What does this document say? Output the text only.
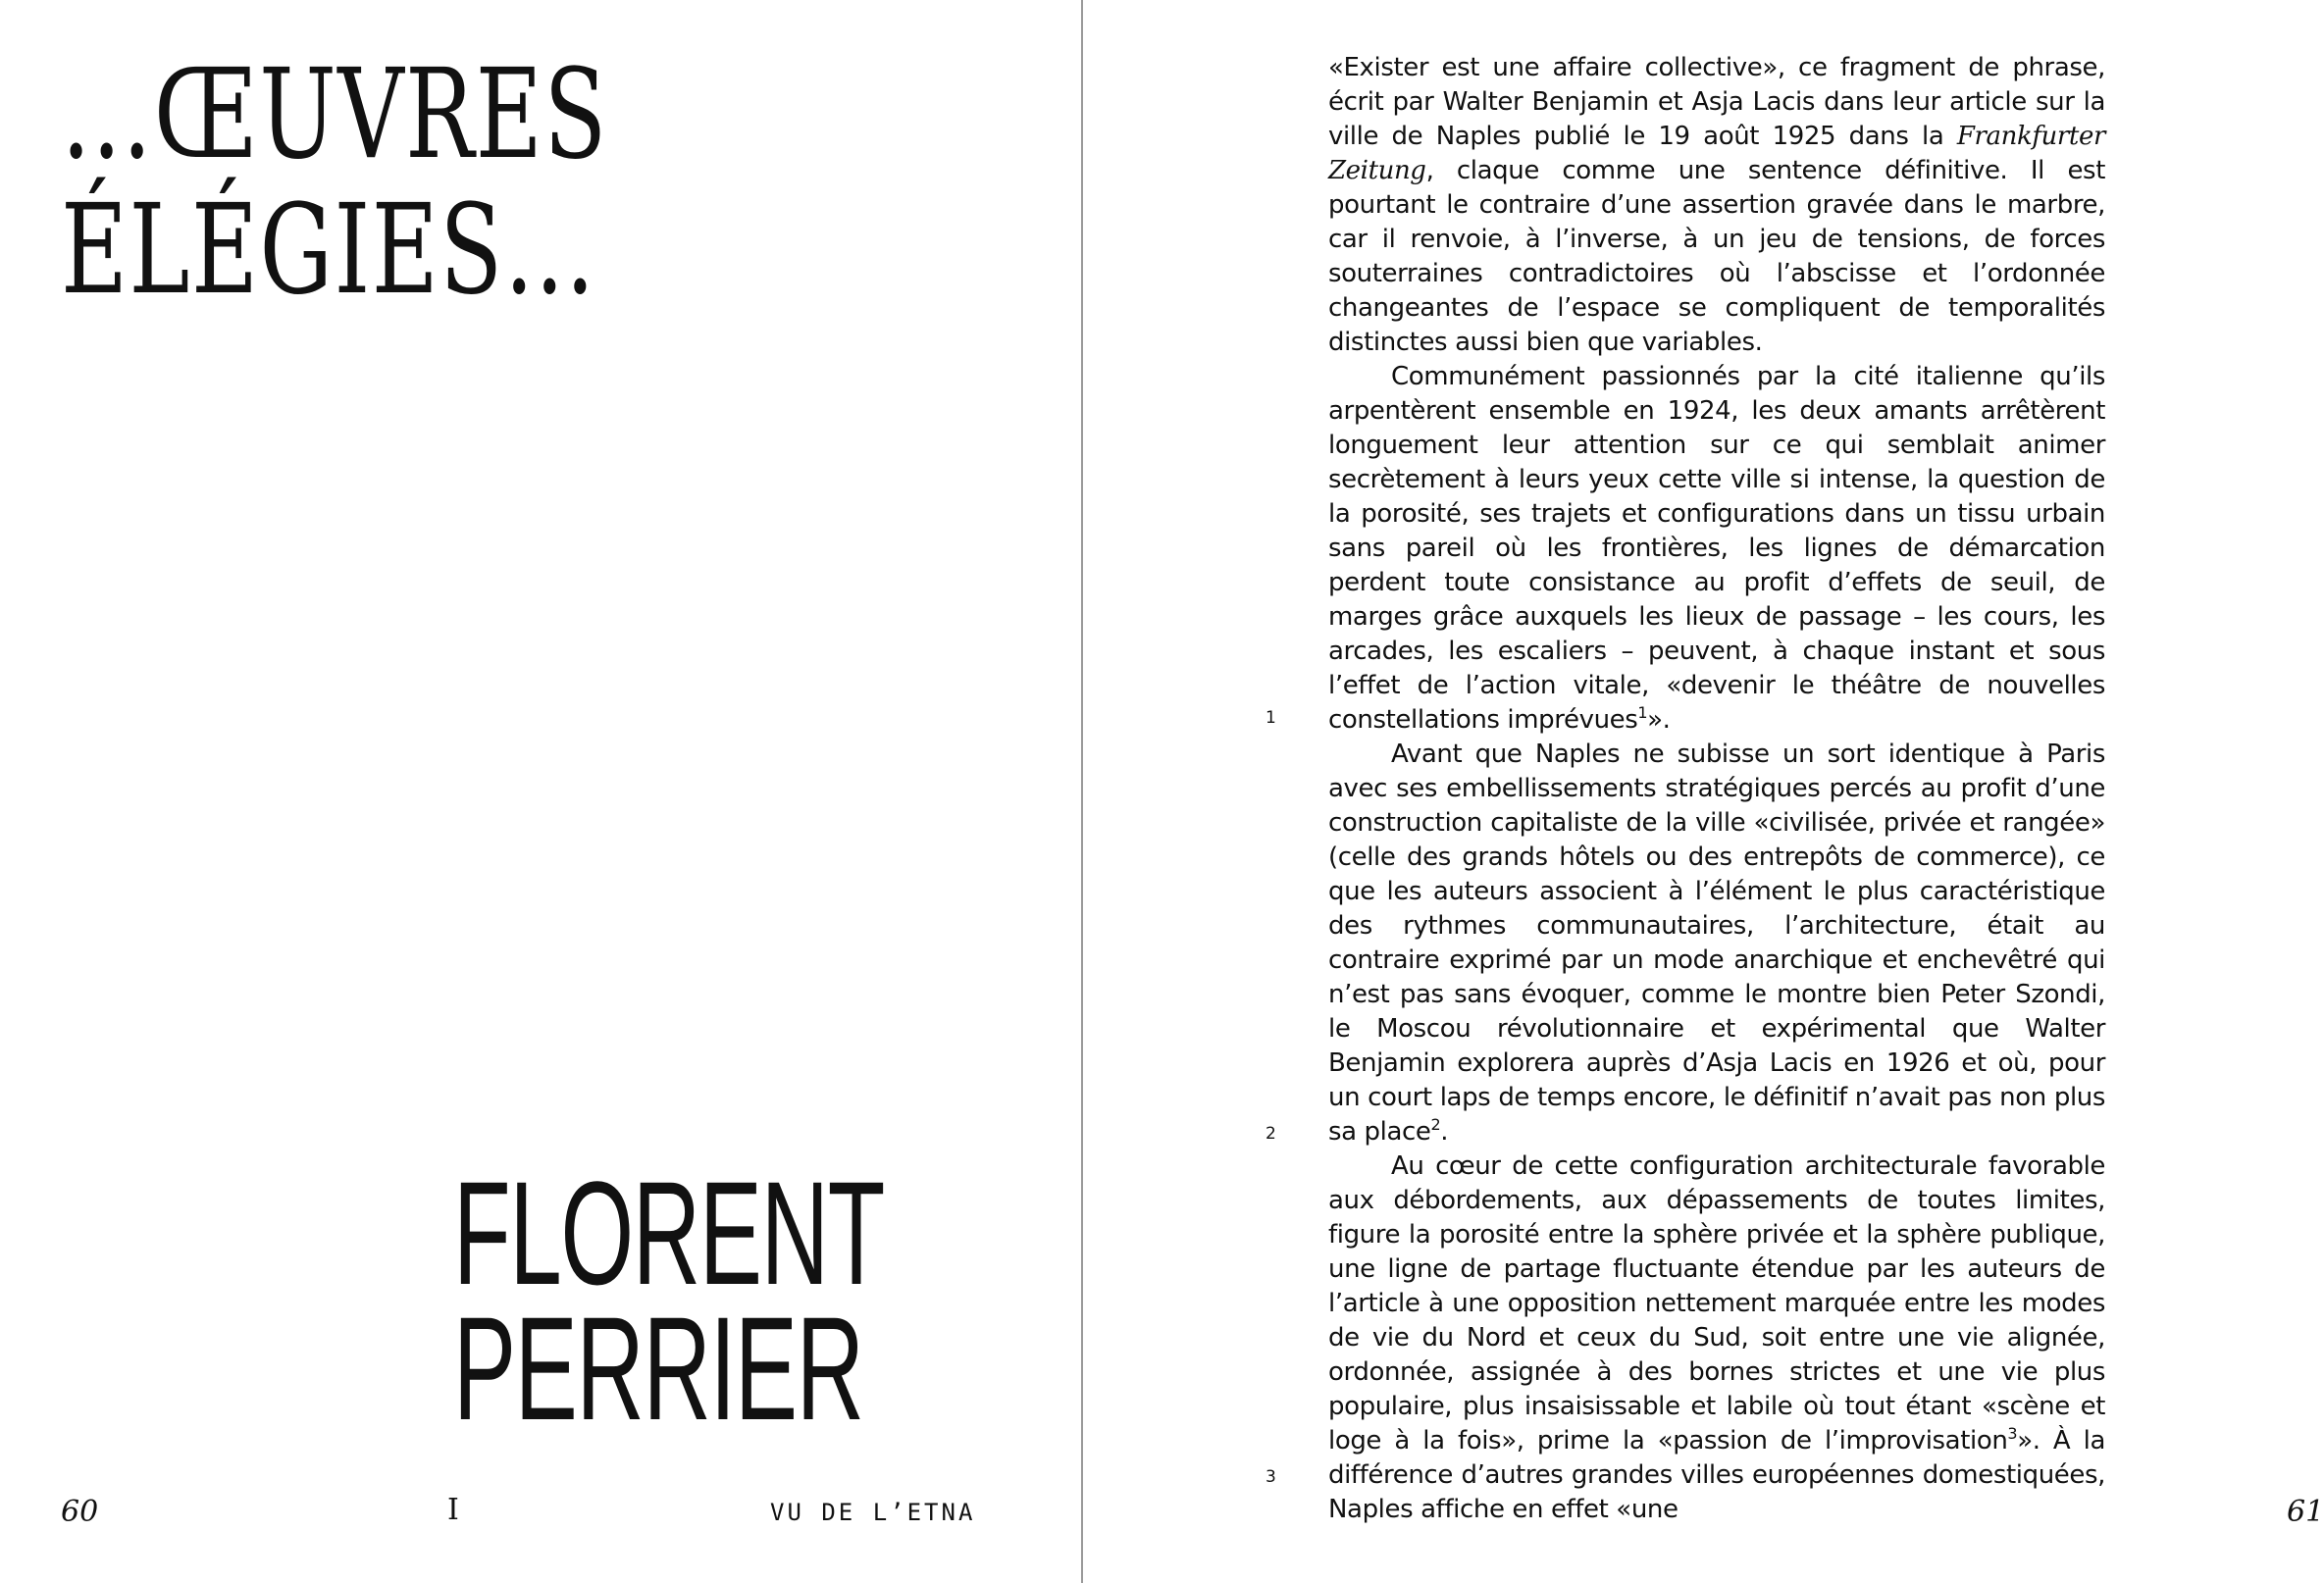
…ŒUVRES
ÉLÉGIES…
FLORENT
PERRIER
60	I	VU DE L’ETNA	61
1
2
3

«Exister est une affaire collective», ce fragment de phrase, écrit par Walter Benjamin et Asja Lacis dans leur article sur la ville de Naples publié le 19 août 1925 dans la Frankfurter Zeitung, claque comme une sentence définitive. Il est pourtant le contraire d’une assertion gravée dans le marbre, car il renvoie, à l’inverse, à un jeu de tensions, de forces souterraines contradictoires où l’abscisse et l’ordonnée changeantes de l’espace se compliquent de temporalités distinctes aussi bien que variables.

Communément passionnés par la cité italienne qu’ils arpentèrent ensemble en 1924, les deux amants arrêtèrent longuement leur attention sur ce qui semblait animer secrètement à leurs yeux cette ville si intense, la question de la porosité, ses trajets et configurations dans un tissu urbain sans pareil où les frontières, les lignes de démarcation perdent toute consistance au profit d’effets de seuil, de marges grâce auxquels les lieux de passage – les cours, les arcades, les escaliers – peuvent, à chaque instant et sous l’effet de l’action vitale, «devenir le théâtre de nouvelles constellations imprévues$^1$».

Avant que Naples ne subisse un sort identique à Paris avec ses embellissements stratégiques percés au profit d’une construction capitaliste de la ville «civilisée, privée et rangée» (celle des grands hôtels ou des entrepôts de commerce), ce que les auteurs associent à l’élément le plus caractéristique des rythmes communautaires, l’architecture, était au contraire exprimé par un mode anarchique et enchevêtré qui n’est pas sans évoquer, comme le montre bien Peter Szondi, le Moscou révolutionnaire et expérimental que Walter Benjamin explorera auprès d’Asja Lacis en 1926 et où, pour un court laps de temps encore, le définitif n’avait pas non plus sa place$^2$.

Au cœur de cette configuration architecturale favorable aux débordements, aux dépassements de toutes limites, figure la porosité entre la sphère privée et la sphère publique, une ligne de partage fluctuante étendue par les auteurs de l’article à une opposition nettement marquée entre les modes de vie du Nord et ceux du Sud, soit entre une vie alignée, ordonnée, assignée à des bornes strictes et une vie plus populaire, plus insaisissable et labile où tout étant «scène et loge à la fois», prime la «passion de l’improvisation$^3$». À la différence d’autres grandes villes européennes domestiquées, Naples affiche en effet «une
